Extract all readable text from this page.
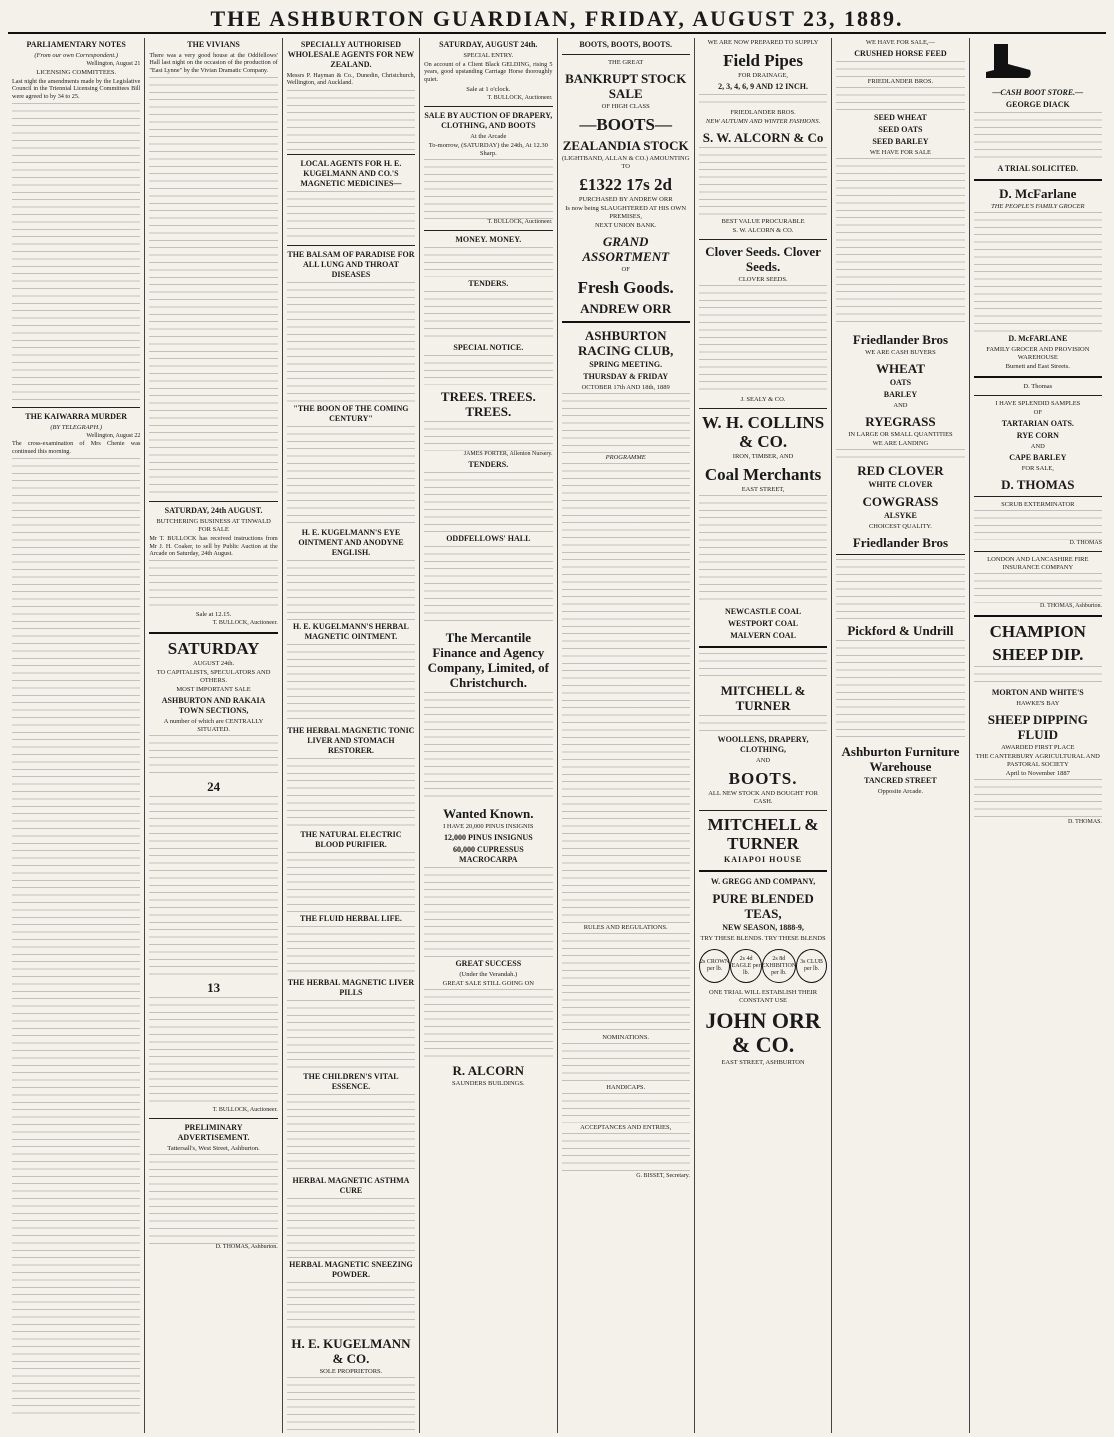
THE ASHBURTON GUARDIAN, FRIDAY, AUGUST 23, 1889.
PARLIAMENTARY NOTES
(From our own Correspondent.)
Wellington, August 21
LICENSING COMMITTEES.

Last night the amendments made by the Legislative Council in the Triennial Licensing Committees Bill were agreed to by 34 to 25.

THE KAIWARRA MURDER
(BY TELEGRAPH.)
Wellington, August 22

The cross-examination of Mrs Chenie was continued this morning.

THE VIVIANS

There was a very good house at the Oddfellows' Hall last night on the occasion of the production of "East Lynne" by the Vivian Dramatic Company.

SATURDAY, 24th AUGUST.
BUTCHERING BUSINESS AT TINWALD FOR SALE

Mr T. BULLOCK has received instructions from Mr J. H. Coaker, to sell by Public Auction at the Arcade on Saturday, 24th August.

Sale at 12.15.
T. BULLOCK, Auctioneer.
SATURDAY
AUGUST 24th.
TO CAPITALISTS, SPECULATORS AND OTHERS.
MOST IMPORTANT SALE
ASHBURTON AND RAKAIA TOWN SECTIONS,
A number of which are CENTRALLY SITUATED.
24
13
T. BULLOCK, Auctioneer.
PRELIMINARY ADVERTISEMENT.
Tattersall's, West Street, Ashburton.
D. THOMAS, Ashburton.
SPECIALLY AUTHORISED WHOLESALE AGENTS FOR NEW ZEALAND.

Messrs P. Hayman & Co., Dunedin, Christchurch, Wellington, and Auckland.

LOCAL AGENTS FOR H. E. KUGELMANN AND CO.'S MAGNETIC MEDICINES—
THE BALSAM OF PARADISE FOR ALL LUNG AND THROAT DISEASES
"THE BOON OF THE COMING CENTURY"
H. E. KUGELMANN'S EYE OINTMENT AND ANODYNE ENGLISH.
H. E. KUGELMANN'S HERBAL MAGNETIC OINTMENT.
THE HERBAL MAGNETIC TONIC LIVER AND STOMACH RESTORER.
THE NATURAL ELECTRIC BLOOD PURIFIER.
THE FLUID HERBAL LIFE.
THE HERBAL MAGNETIC LIVER PILLS
THE CHILDREN'S VITAL ESSENCE.
HERBAL MAGNETIC ASTHMA CURE
HERBAL MAGNETIC SNEEZING POWDER.
H. E. KUGELMANN & CO.
SOLE PROPRIETORS.
SATURDAY, AUGUST 24th.
SPECIAL ENTRY.

On account of a Client Black GELDING, rising 5 years, good upstanding Carriage Horse thoroughly quiet.

Sale at 1 o'clock.
T. BULLOCK, Auctioneer.
SALE BY AUCTION OF DRAPERY, CLOTHING, AND BOOTS
At the Arcade
To-morrow, (SATURDAY) the 24th, At 12.30 Sharp.
T. BULLOCK, Auctioneer.
MONEY. MONEY.
TENDERS.
SPECIAL NOTICE.
TREES. TREES. TREES.
JAMES PORTER, Allenton Nursery.
TENDERS.
ODDFELLOWS' HALL
The Mercantile Finance and Agency Company, Limited, of Christchurch.
Wanted Known.
I HAVE 20,000 PINUS INSIGNIS
12,000 PINUS INSIGNUS
60,000 CUPRESSUS MACROCARPA
GREAT SUCCESS
(Under the Verandah.)
GREAT SALE STILL GOING ON
R. ALCORN
SAUNDERS BUILDINGS.
BOOTS, BOOTS, BOOTS.
THE GREAT
BANKRUPT STOCK SALE
OF HIGH CLASS
—BOOTS—
ZEALANDIA STOCK
(LIGHTBAND, ALLAN & CO.) AMOUNTING TO
£1322 17s 2d
PURCHASED BY ANDREW ORR
Is now being SLAUGHTERED AT HIS OWN PREMISES,
NEXT UNION BANK.
GRAND ASSORTMENT
OF
Fresh Goods.
ANDREW ORR
ASHBURTON RACING CLUB,
SPRING MEETING.
THURSDAY & FRIDAY
OCTOBER 17th AND 18th, 1889
PROGRAMME
RULES AND REGULATIONS.
NOMINATIONS.
HANDICAPS.
ACCEPTANCES AND ENTRIES,
G. BISSET, Secretary.
WE ARE NOW PREPARED TO SUPPLY
Field Pipes
FOR DRAINAGE,
2, 3, 4, 6, 9 AND 12 INCH.
FRIEDLANDER BROS.
NEW AUTUMN AND WINTER FASHIONS.
S. W. ALCORN & Co
BEST VALUE PROCURABLE
S. W. ALCORN & CO.
Clover Seeds. Clover Seeds.
CLOVER SEEDS.
J. SEALY & CO.
W. H. COLLINS & CO.
IRON, TIMBER, AND
Coal Merchants
EAST STREET,
NEWCASTLE COAL
WESTPORT COAL
MALVERN COAL
MITCHELL & TURNER
WOOLLENS, DRAPERY, CLOTHING,
AND
BOOTS.
ALL NEW STOCK AND BOUGHT FOR CASH.
MITCHELL & TURNER
KAIAPOI HOUSE
W. GREGG AND COMPANY,
PURE BLENDED TEAS,
NEW SEASON, 1888-9,
TRY THESE BLENDS. TRY THESE BLENDS
2s CROWN per lb.
2s 4d EAGLE per lb.
2s 8d EXHIBITION per lb.
3s CLUB per lb.
ONE TRIAL WILL ESTABLISH THEIR CONSTANT USE
JOHN ORR & CO.
EAST STREET, ASHBURTON
WE HAVE FOR SALE,—
CRUSHED HORSE FEED
FRIEDLANDER BROS.
SEED WHEAT
SEED OATS
SEED BARLEY
WE HAVE FOR SALE
Friedlander Bros
WE ARE CASH BUYERS
WHEAT
OATS
BARLEY
AND
RYEGRASS
IN LARGE OR SMALL QUANTITIES
WE ARE LANDING
RED CLOVER
WHITE CLOVER
COWGRASS
ALSYKE
CHOICEST QUALITY.
Friedlander Bros
Pickford & Undrill
Ashburton Furniture Warehouse
TANCRED STREET
Opposite Arcade.
—CASH BOOT STORE.—
GEORGE DIACK
A TRIAL SOLICITED.
D. McFarlane
THE PEOPLE'S FAMILY GROCER
D. McFARLANE
FAMILY GROCER AND PROVISION WAREHOUSE
Burnett and East Streets.
D. Thomas
I HAVE SPLENDID SAMPLES
OF
TARTARIAN OATS.
RYE CORN
AND
CAPE BARLEY
FOR SALE,
D. THOMAS
SCRUB EXTERMINATOR
D. THOMAS
LONDON AND LANCASHIRE FIRE INSURANCE COMPANY
D. THOMAS, Ashburton.
CHAMPION
SHEEP DIP.
MORTON AND WHITE'S
HAWKE'S BAY
SHEEP DIPPING FLUID
AWARDED FIRST PLACE
THE CANTERBURY AGRICULTURAL AND PASTORAL SOCIETY
April to November 1887
D. THOMAS.
